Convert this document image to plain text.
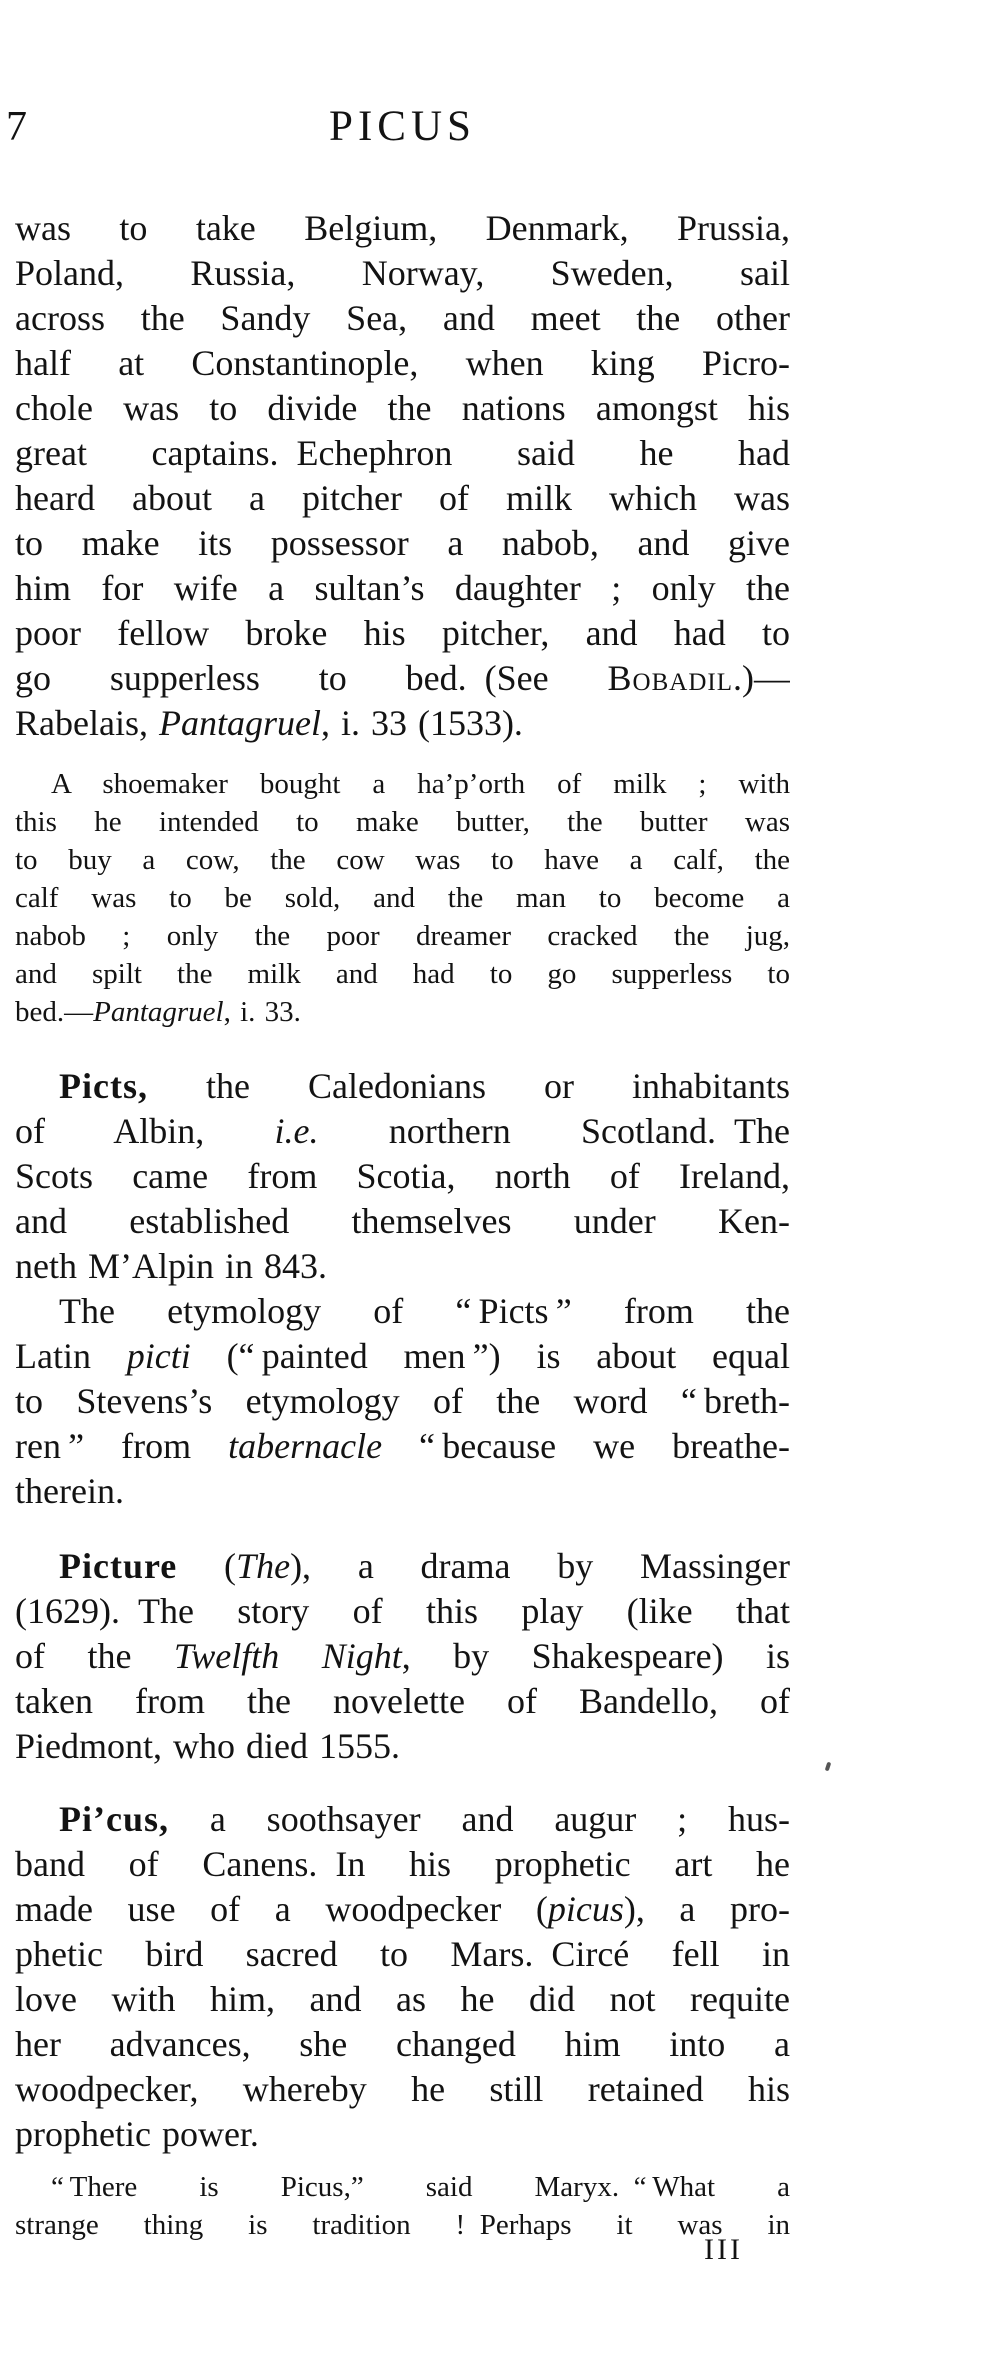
7	PICUS
was to take Belgium, Denmark, Prussia,
Poland, Russia, Norway, Sweden, sail
across the Sandy Sea, and meet the other
half at Constantinople, when king Picro-
chole was to divide the nations amongst his
great captains. Echephron said he had
heard about a pitcher of milk which was
to make its possessor a nabob, and give
him for wife a sultan’s daughter ; only the
poor fellow broke his pitcher, and had to
go supperless to bed. (See Bobadil.)—
Rabelais, Pantagruel, i. 33 (1533).
A shoemaker bought a ha’p’orth of milk ; with
this he intended to make butter, the butter was
to buy a cow, the cow was to have a calf, the
calf was to be sold, and the man to become a
nabob ; only the poor dreamer cracked the jug,
and spilt the milk and had to go supperless to
bed.—Pantagruel, i. 33.
Picts, the Caledonians or inhabitants
of Albin, i.e. northern Scotland. The
Scots came from Scotia, north of Ireland,
and established themselves under Ken-
neth M’Alpin in 843.
The etymology of “ Picts ” from the
Latin picti (“ painted men ”) is about equal
to Stevens’s etymology of the word “ breth-
ren ” from tabernacle “ because we breathe-
therein.
Picture (The), a drama by Massinger
(1629). The story of this play (like that
of the Twelfth Night, by Shakespeare) is
taken from the novelette of Bandello, of
Piedmont, who died 1555.
Pi’cus, a soothsayer and augur ; hus-
band of Canens. In his prophetic art he
made use of a woodpecker (picus), a pro-
phetic bird sacred to Mars. Circé fell in
love with him, and as he did not requite
her advances, she changed him into a
woodpecker, whereby he still retained his
prophetic power.
“ There is Picus,” said Maryx. “ What a
strange thing is tradition ! Perhaps it was in
III
